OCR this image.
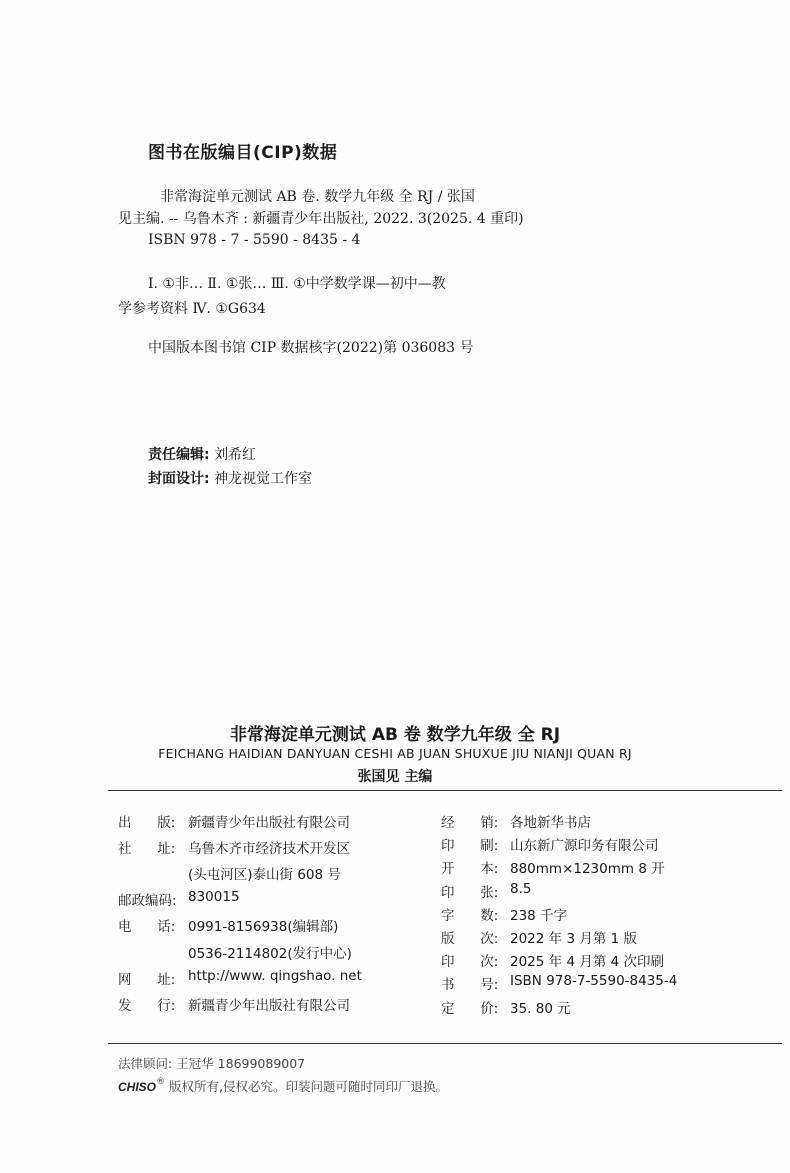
图书在版编目(CIP)数据
非常海淀单元测试 AB 卷. 数学九年级 全 RJ / 张国
见主编. -- 乌鲁木齐 : 新疆青少年出版社, 2022. 3(2025. 4 重印)
ISBN 978 - 7 - 5590 - 8435 - 4
Ⅰ. ①非… Ⅱ. ①张… Ⅲ. ①中学数学课—初中—教
学参考资料 Ⅳ. ①G634
中国版本图书馆 CIP 数据核字(2022)第 036083 号
责任编辑: 刘希红
封面设计: 神龙视觉工作室
非常海淀单元测试 AB 卷 数学九年级 全 RJ
FEICHANG HAIDIAN DANYUAN CESHI AB JUAN SHUXUE JIU NIANJI QUAN RJ
张国见 主编
出      版: 新疆青少年出版社有限公司
社      址: 乌鲁木齐市经济技术开发区
(头屯河区)泰山街 608 号
邮政编码: 830015
电      话: 0991-8156938(编辑部)
0536-2114802(发行中心)
网      址: http://www. qingshao. net
发      行: 新疆青少年出版社有限公司
经      销: 各地新华书店
印      刷: 山东新广源印务有限公司
开      本: 880mm×1230mm 8 开
印      张: 8.5
字      数: 238 千字
版      次: 2022 年 3 月第 1 版
印      次: 2025 年 4 月第 4 次印刷
书      号: ISBN 978-7-5590-8435-4
定      价: 35. 80 元
法律顾问: 王冠华 18699089007
CHISO® 版权所有,侵权必究。印装问题可随时同印厂退换。
